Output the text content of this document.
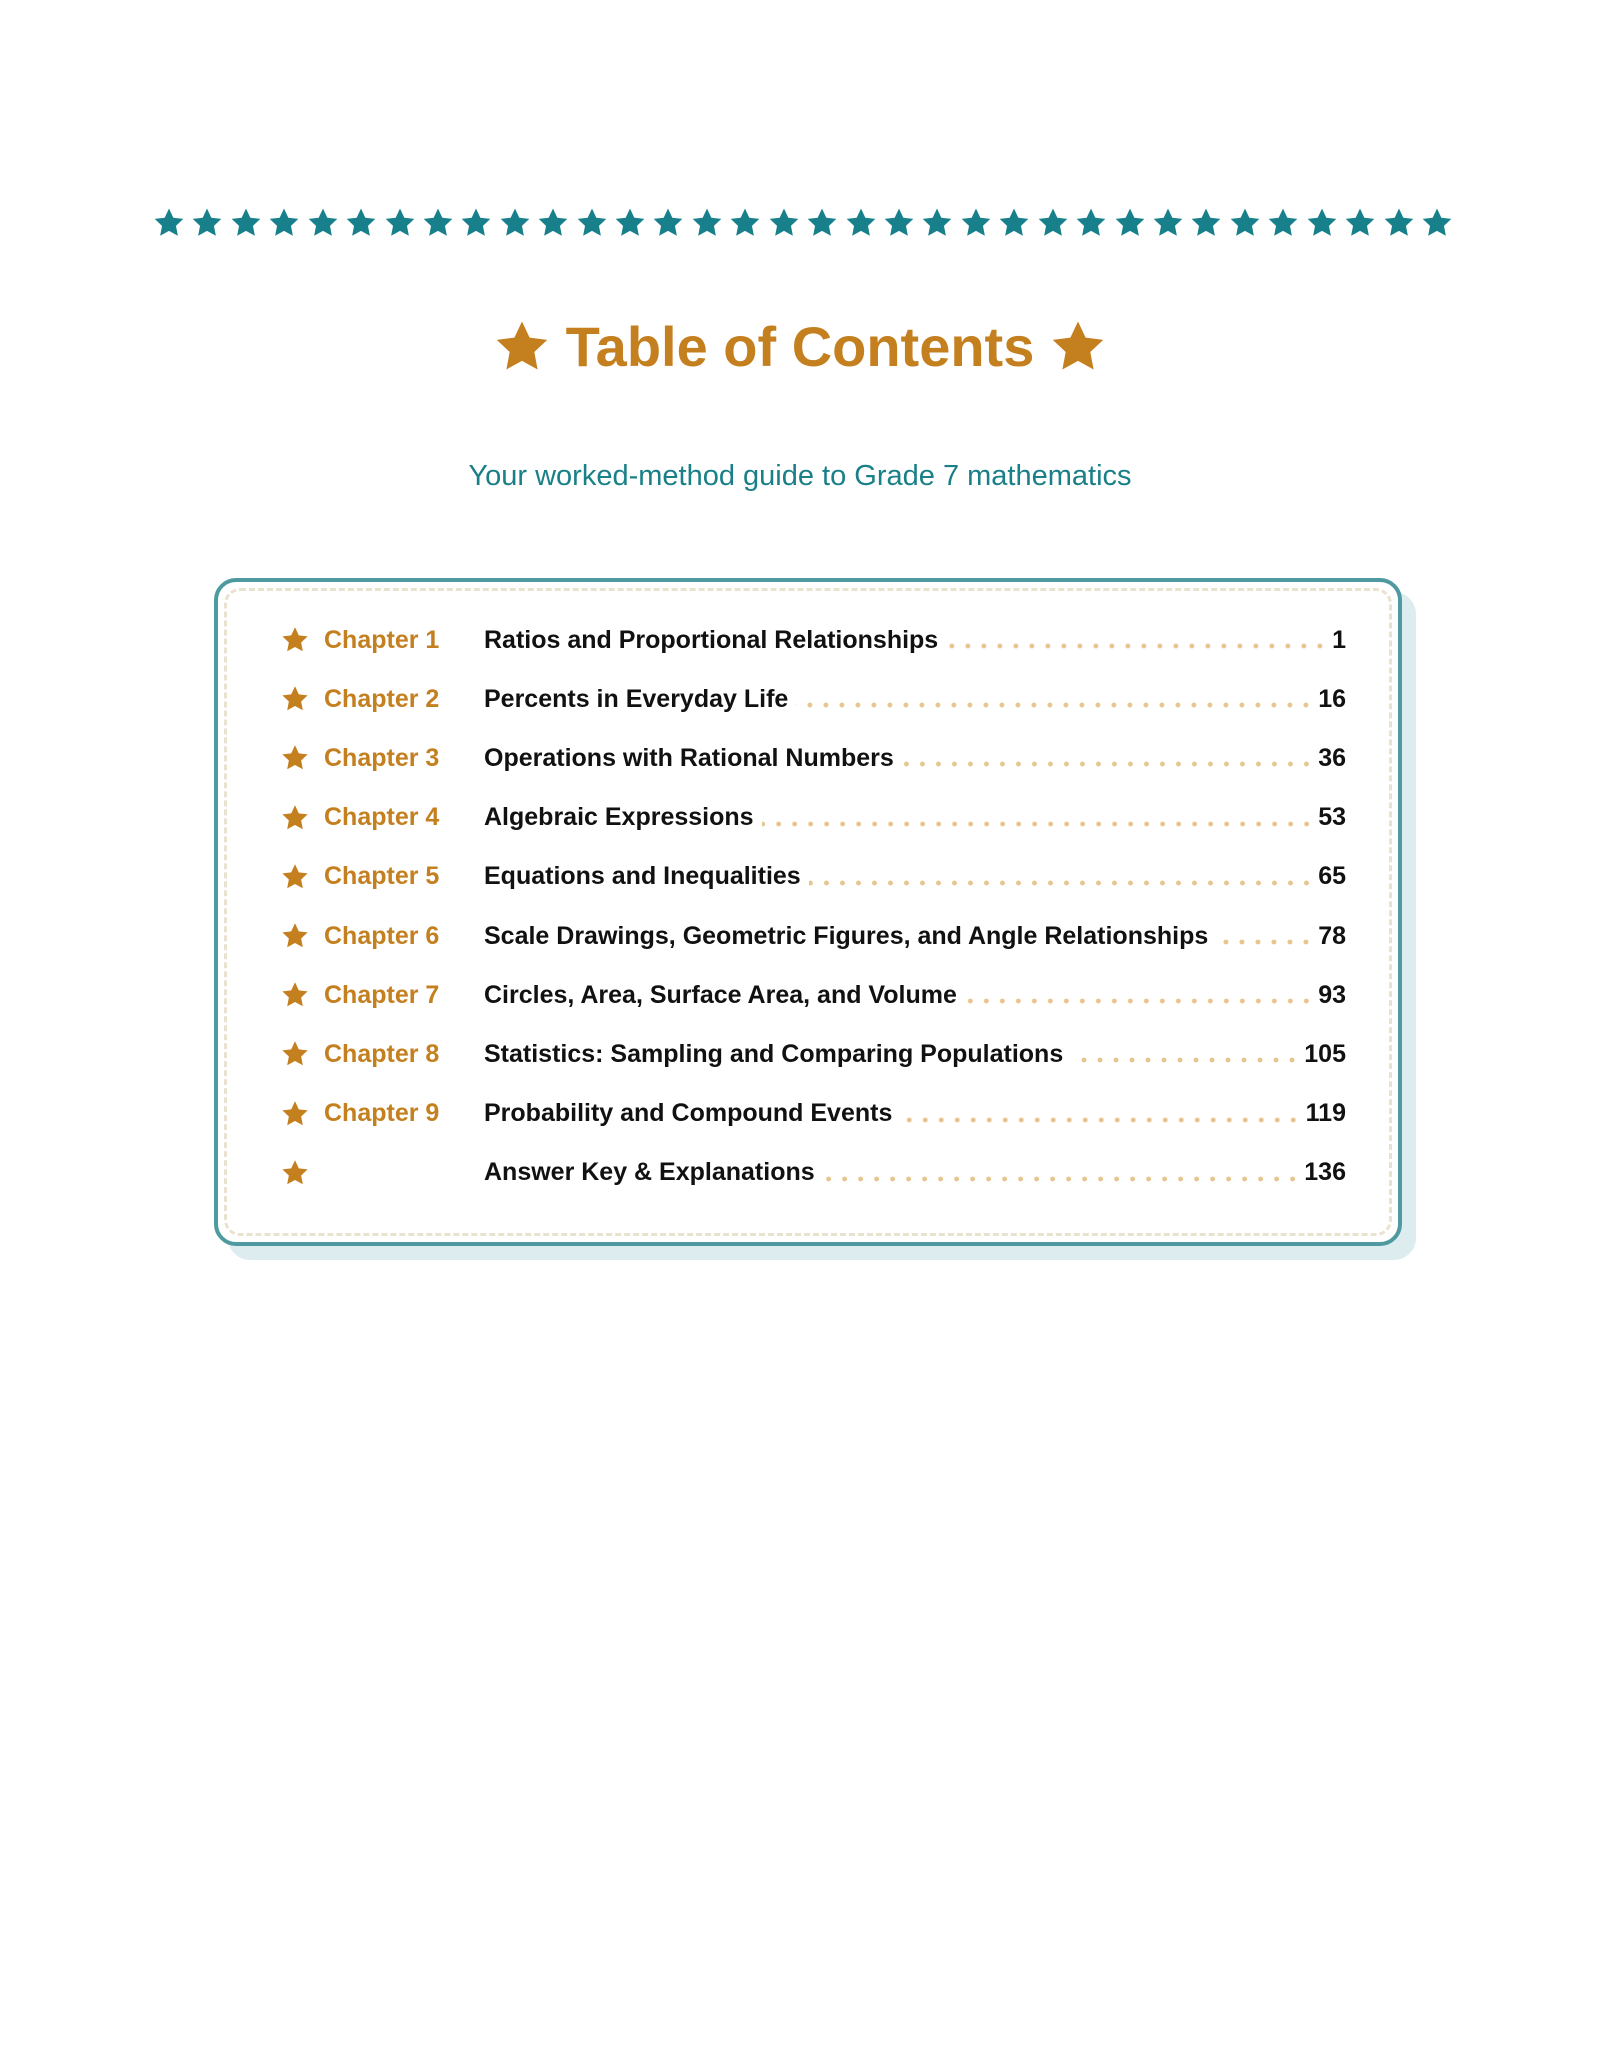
Table of Contents
Your worked-method guide to Grade 7 mathematics
Chapter 1	Ratios and Proportional Relationships	1
Chapter 2	Percents in Everyday Life	16
Chapter 3	Operations with Rational Numbers	36
Chapter 4	Algebraic Expressions	53
Chapter 5	Equations and Inequalities	65
Chapter 6	Scale Drawings, Geometric Figures, and Angle Relationships	78
Chapter 7	Circles, Area, Surface Area, and Volume	93
Chapter 8	Statistics: Sampling and Comparing Populations	105
Chapter 9	Probability and Compound Events	119
Answer Key & Explanations	136
